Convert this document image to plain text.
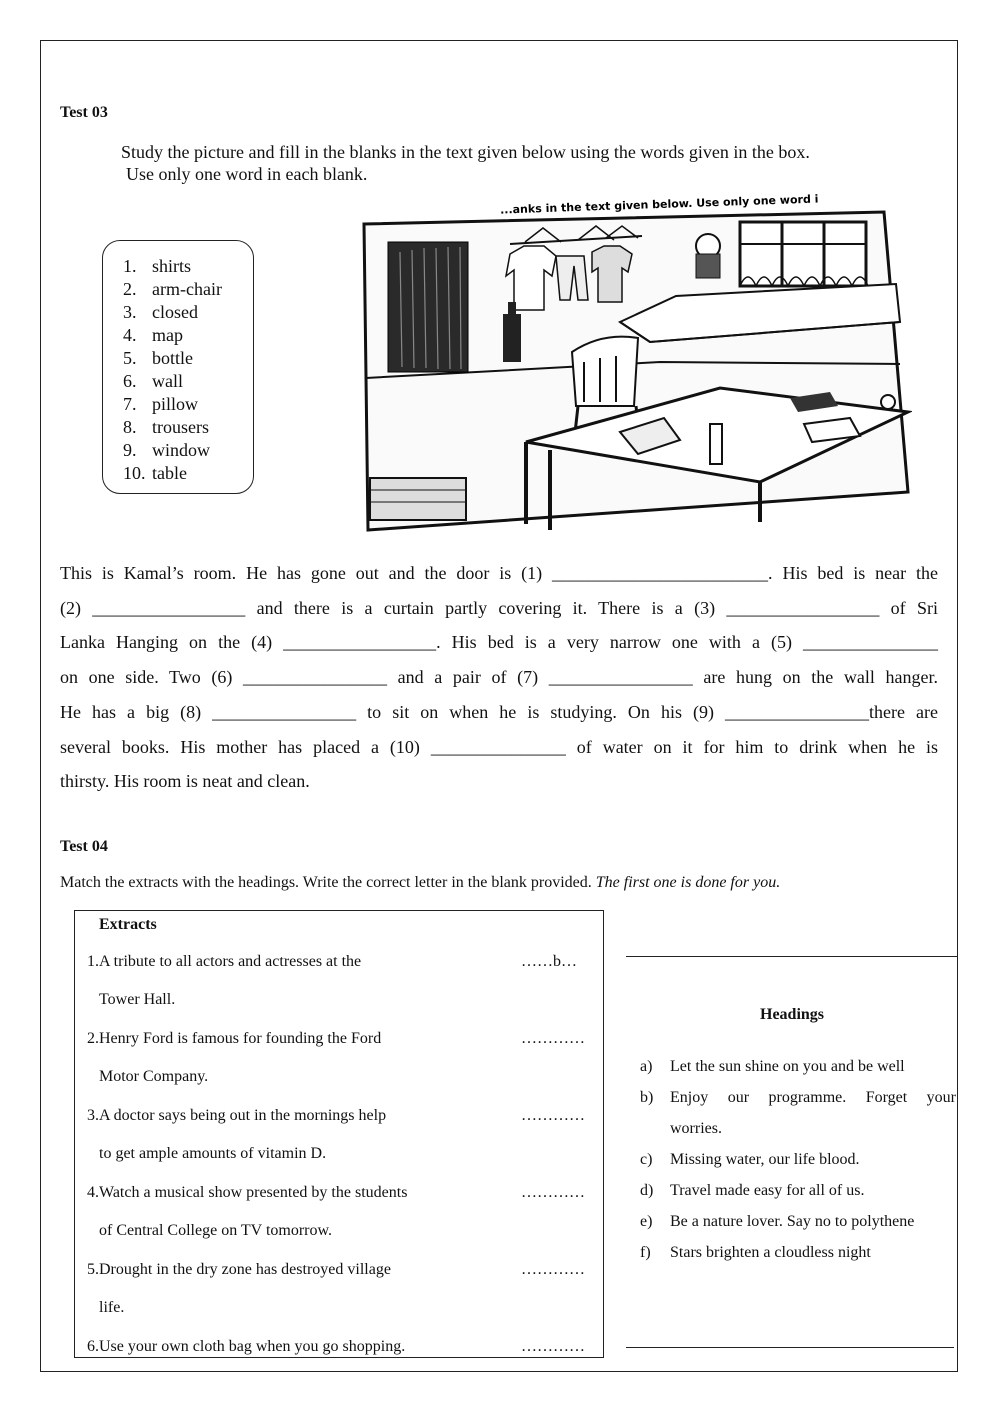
Test 03
Study the picture and fill in the blanks in the text given below using the words given in the box.
Use only one word in each blank.
1. shirts
2. arm-chair
3. closed
4. map
5. bottle
6. wall
7. pillow
8. trousers
9. window
10. table
...anks in the text given below. Use only one word i
This is Kamal’s room. He has gone out and the door is (1) ________________________. His bed is near the
(2) _________________ and there is a curtain partly covering it. There is a (3) _________________ of Sri
Lanka Hanging on the (4) _________________. His bed is a very narrow one with a (5) _______________
on one side. Two (6) ________________ and a pair of (7) ________________ are hung on the wall hanger.
He has a big (8) ________________ to sit on when he is studying. On his (9) ________________there are
several books. His mother has placed a (10) _______________ of water on it for him to drink when he is
thirsty. His room is neat and clean.
Test 04
Match the extracts with the headings. Write the correct letter in the blank provided. The first one is done for you.
Extracts
1.A tribute to all actors and actresses at the	……b…
Tower Hall.
2.Henry Ford is famous for founding the Ford	…………
Motor Company.
3.A doctor says being out in the mornings help	…………
to get ample amounts of vitamin D.
4.Watch a musical show presented by the students	…………
of Central College on TV tomorrow.
5.Drought in the dry zone has destroyed village	…………
life.
6.Use your own cloth bag when you go shopping.	…………
Headings
a) Let the sun shine on you and be well
b) Enjoy our programme. Forget your
worries.
c) Missing water, our life blood.
d) Travel made easy for all of us.
e) Be a nature lover. Say no to polythene
f) Stars brighten a cloudless night
